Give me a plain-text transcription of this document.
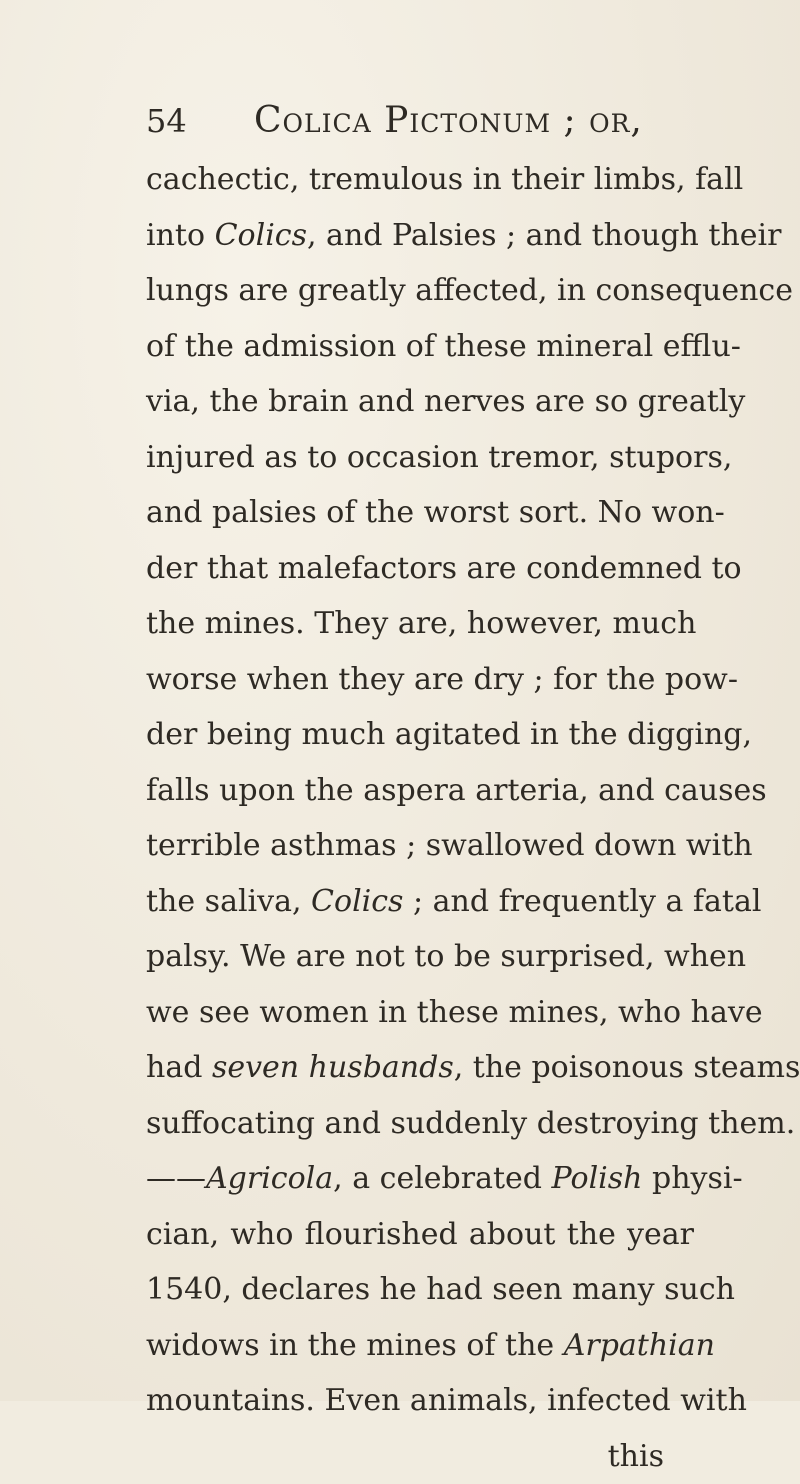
54 Colica Pictonum ; or,
cachectic, tremulous in their limbs, fall
into Colics, and Palsies ; and though their
lungs are greatly affected, in consequence
of the admission of these mineral efflu-
via, the brain and nerves are so greatly
injured as to occasion tremor, stupors,
and palsies of the worst sort. No won-
der that malefactors are condemned to
the mines. They are, however, much
worse when they are dry ; for the pow-
der being much agitated in the digging,
falls upon the aspera arteria, and causes
terrible asthmas ; swallowed down with
the saliva, Colics ; and frequently a fatal
palsy. We are not to be surprised, when
we see women in these mines, who have
had seven husbands, the poisonous steams
suffocating and suddenly destroying them.
——Agricola, a celebrated Polish physi-
cian, who flourished about the year
1540, declares he had seen many such
widows in the mines of the Arpathian
mountains. Even animals, infected with
this
